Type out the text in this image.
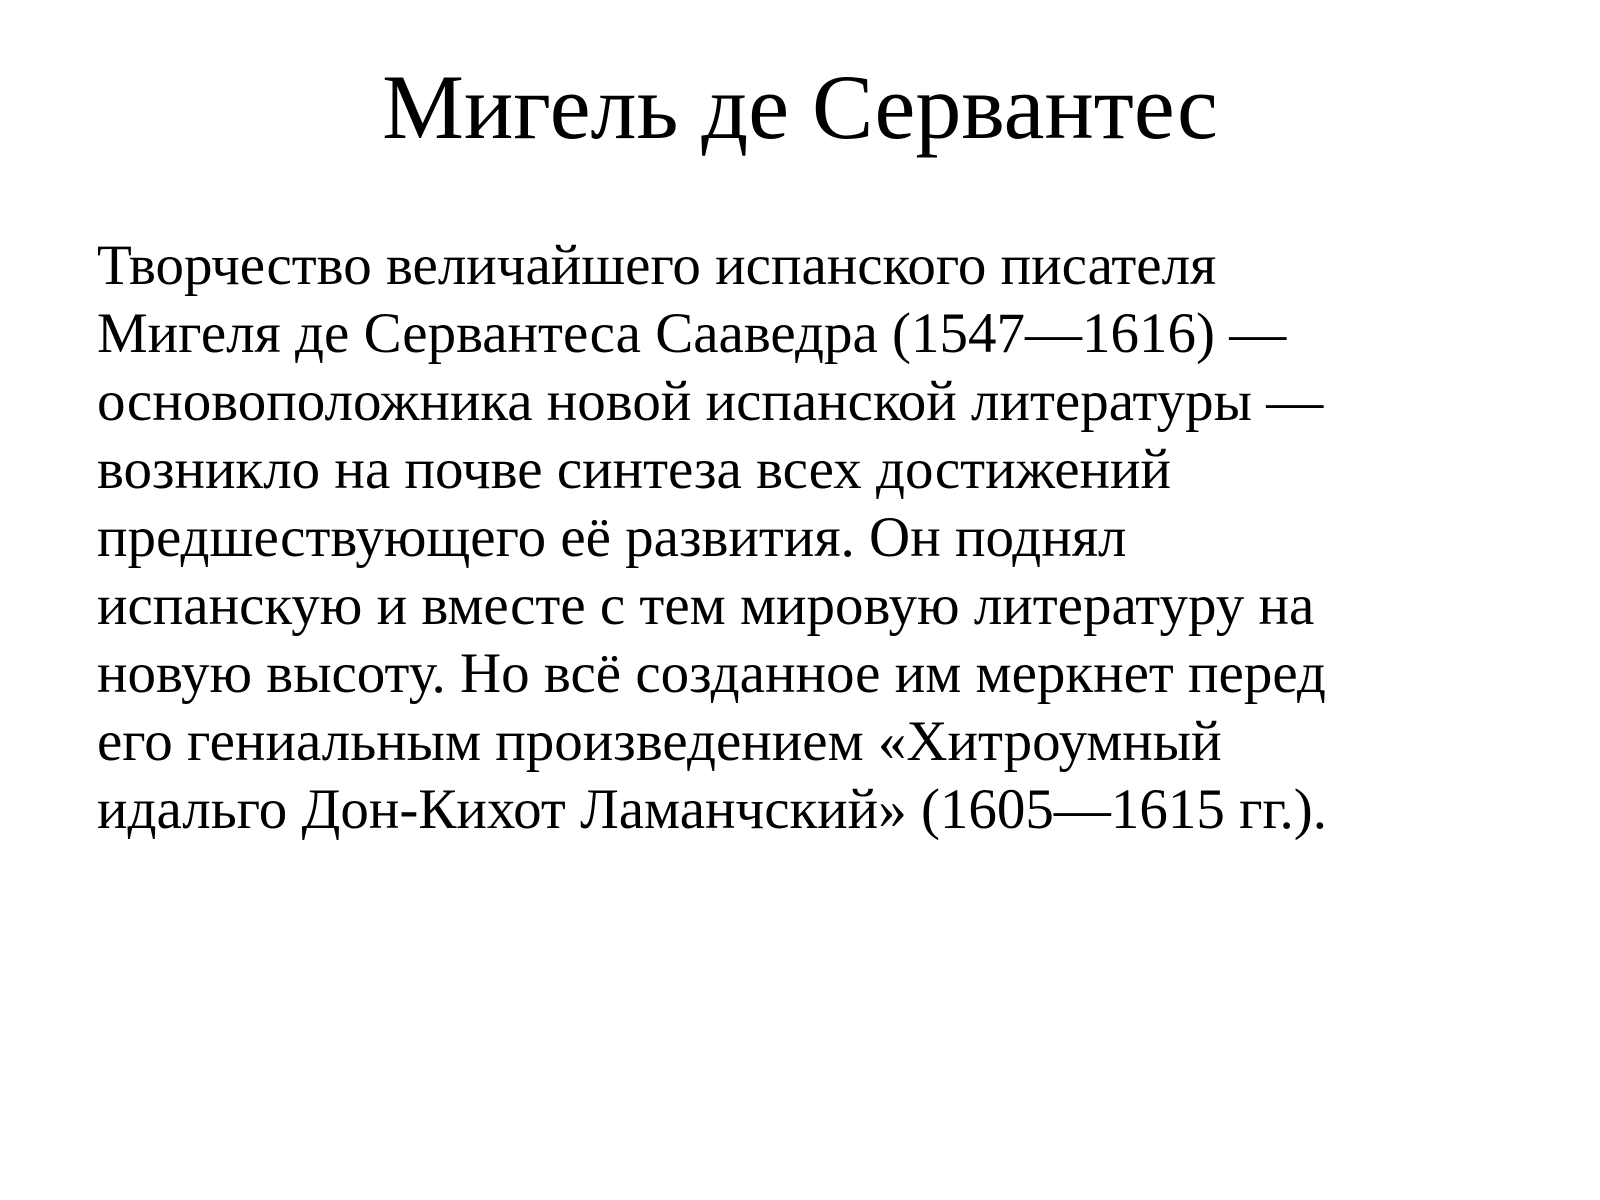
Мигель де Сервантес
Творчество величайшего испанского писателя
Мигеля де Сервантеса Сааведра (1547—1616) —
основоположника новой испанской литературы —
возникло на почве синтеза всех достижений
предшествующего её развития. Он поднял
испанскую и вместе с тем мировую литературу на
новую высоту. Но всё созданное им меркнет перед
его гениальным произведением «Хитроумный
идальго Дон-Кихот Ламанчский» (1605—1615 гг.).
